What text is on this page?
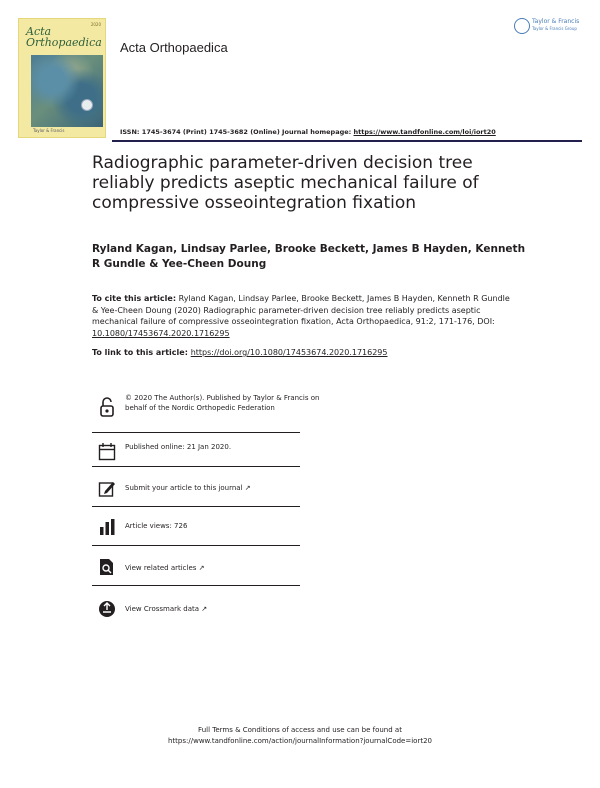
Acta
Orthopaedica
2020
Taylor & Francis
Acta Orthopaedica
Taylor & Francis
Taylor & Francis Group
ISSN: 1745-3674 (Print) 1745-3682 (Online) Journal homepage: https://www.tandfonline.com/loi/iort20
Radiographic parameter-driven decision tree reliably predicts aseptic mechanical failure of compressive osseointegration fixation
Ryland Kagan, Lindsay Parlee, Brooke Beckett, James B Hayden, Kenneth R Gundle & Yee-Cheen Doung
To cite this article: Ryland Kagan, Lindsay Parlee, Brooke Beckett, James B Hayden, Kenneth R Gundle & Yee-Cheen Doung (2020) Radiographic parameter-driven decision tree reliably predicts aseptic mechanical failure of compressive osseointegration fixation, Acta Orthopaedica, 91:2, 171-176, DOI: 10.1080/17453674.2020.1716295
To link to this article: https://doi.org/10.1080/17453674.2020.1716295
© 2020 The Author(s). Published by Taylor & Francis on behalf of the Nordic Orthopedic Federation
Published online: 21 Jan 2020.
Submit your article to this journal ↗
Article views: 726
View related articles ↗
View Crossmark data ↗
Full Terms & Conditions of access and use can be found at
https://www.tandfonline.com/action/journalInformation?journalCode=iort20
